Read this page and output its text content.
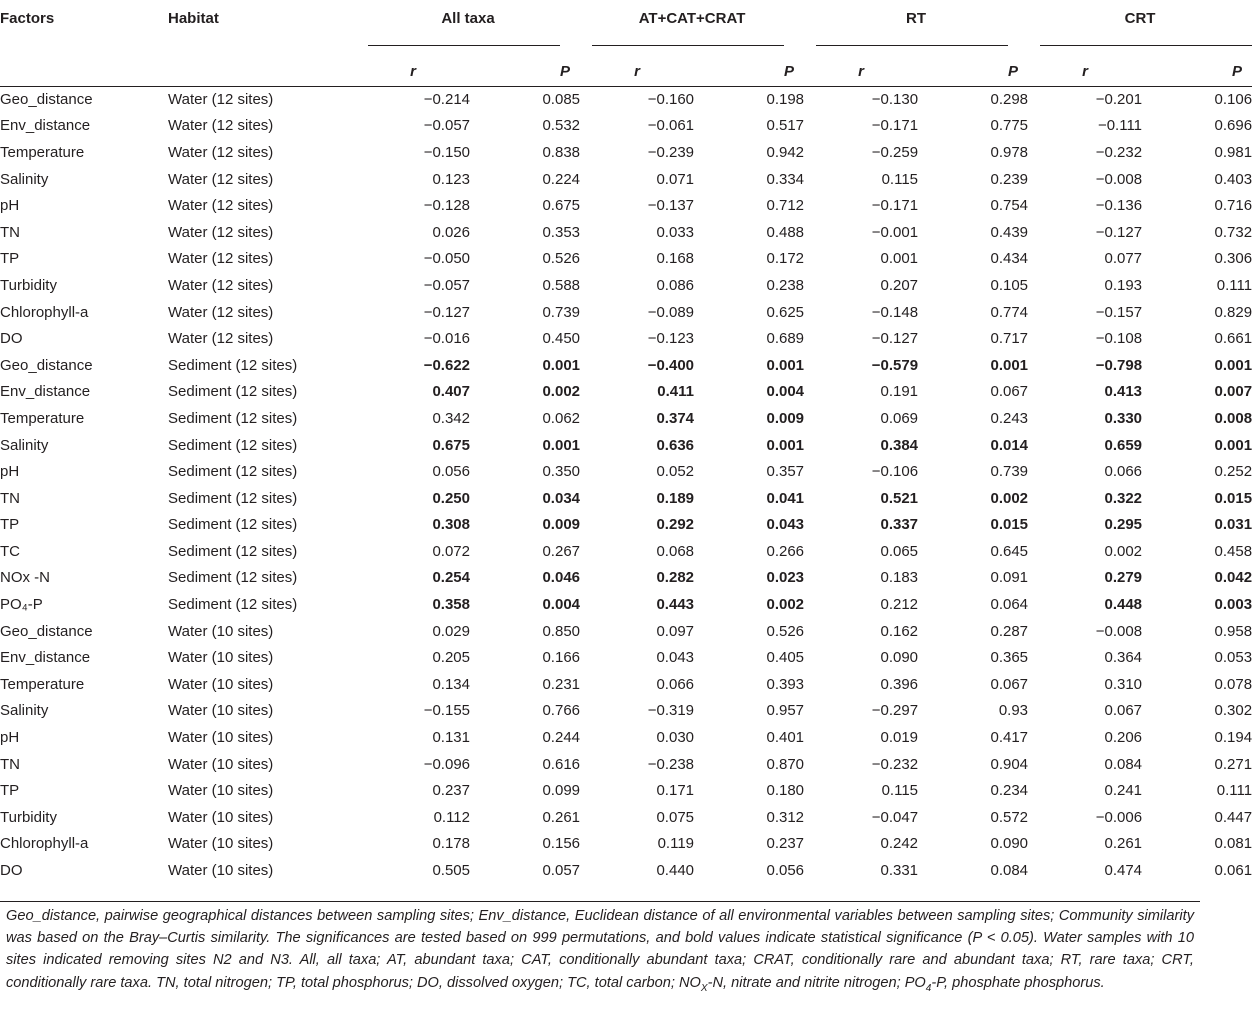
Factors	Habitat	All taxa		AT+CAT+CRAT		RT		CRT	

		r	P	r	P	r	P	r	P

Geo_distance	Water (12 sites)	−0.214	0.085	−0.160	0.198	−0.130	0.298	−0.201	0.106
Env_distance	Water (12 sites)	−0.057	0.532	−0.061	0.517	−0.171	0.775	−0.111	0.696
Temperature	Water (12 sites)	−0.150	0.838	−0.239	0.942	−0.259	0.978	−0.232	0.981
Salinity	Water (12 sites)	0.123	0.224	0.071	0.334	0.115	0.239	−0.008	0.403
pH	Water (12 sites)	−0.128	0.675	−0.137	0.712	−0.171	0.754	−0.136	0.716
TN	Water (12 sites)	0.026	0.353	0.033	0.488	−0.001	0.439	−0.127	0.732
TP	Water (12 sites)	−0.050	0.526	0.168	0.172	0.001	0.434	0.077	0.306
Turbidity	Water (12 sites)	−0.057	0.588	0.086	0.238	0.207	0.105	0.193	0.111
Chlorophyll-a	Water (12 sites)	−0.127	0.739	−0.089	0.625	−0.148	0.774	−0.157	0.829
DO	Water (12 sites)	−0.016	0.450	−0.123	0.689	−0.127	0.717	−0.108	0.661
Geo_distance	Sediment (12 sites)	−0.622	0.001	−0.400	0.001	−0.579	0.001	−0.798	0.001
Env_distance	Sediment (12 sites)	0.407	0.002	0.411	0.004	0.191	0.067	0.413	0.007
Temperature	Sediment (12 sites)	0.342	0.062	0.374	0.009	0.069	0.243	0.330	0.008
Salinity	Sediment (12 sites)	0.675	0.001	0.636	0.001	0.384	0.014	0.659	0.001
pH	Sediment (12 sites)	0.056	0.350	0.052	0.357	−0.106	0.739	0.066	0.252
TN	Sediment (12 sites)	0.250	0.034	0.189	0.041	0.521	0.002	0.322	0.015
TP	Sediment (12 sites)	0.308	0.009	0.292	0.043	0.337	0.015	0.295	0.031
TC	Sediment (12 sites)	0.072	0.267	0.068	0.266	0.065	0.645	0.002	0.458
NOx -N	Sediment (12 sites)	0.254	0.046	0.282	0.023	0.183	0.091	0.279	0.042
PO₄-P	Sediment (12 sites)	0.358	0.004	0.443	0.002	0.212	0.064	0.448	0.003
Geo_distance	Water (10 sites)	0.029	0.850	0.097	0.526	0.162	0.287	−0.008	0.958
Env_distance	Water (10 sites)	0.205	0.166	0.043	0.405	0.090	0.365	0.364	0.053
Temperature	Water (10 sites)	0.134	0.231	0.066	0.393	0.396	0.067	0.310	0.078
Salinity	Water (10 sites)	−0.155	0.766	−0.319	0.957	−0.297	0.93	0.067	0.302
pH	Water (10 sites)	0.131	0.244	0.030	0.401	0.019	0.417	0.206	0.194
TN	Water (10 sites)	−0.096	0.616	−0.238	0.870	−0.232	0.904	0.084	0.271
TP	Water (10 sites)	0.237	0.099	0.171	0.180	0.115	0.234	0.241	0.111
Turbidity	Water (10 sites)	0.112	0.261	0.075	0.312	−0.047	0.572	−0.006	0.447
Chlorophyll-a	Water (10 sites)	0.178	0.156	0.119	0.237	0.242	0.090	0.261	0.081
DO	Water (10 sites)	0.505	0.057	0.440	0.056	0.331	0.084	0.474	0.061
Geo_distance, pairwise geographical distances between sampling sites; Env_distance, Euclidean distance of all environmental variables between sampling sites; Community similarity was based on the Bray–Curtis similarity. The significances are tested based on 999 permutations, and bold values indicate statistical significance (P < 0.05). Water samples with 10 sites indicated removing sites N2 and N3. All, all taxa; AT, abundant taxa; CAT, conditionally abundant taxa; CRAT, conditionally rare and abundant taxa; RT, rare taxa; CRT, conditionally rare taxa. TN, total nitrogen; TP, total phosphorus; DO, dissolved oxygen; TC, total carbon; $NO_X-N$, nitrate and nitrite nitrogen; $PO_4-P$, phosphate phosphorus.
